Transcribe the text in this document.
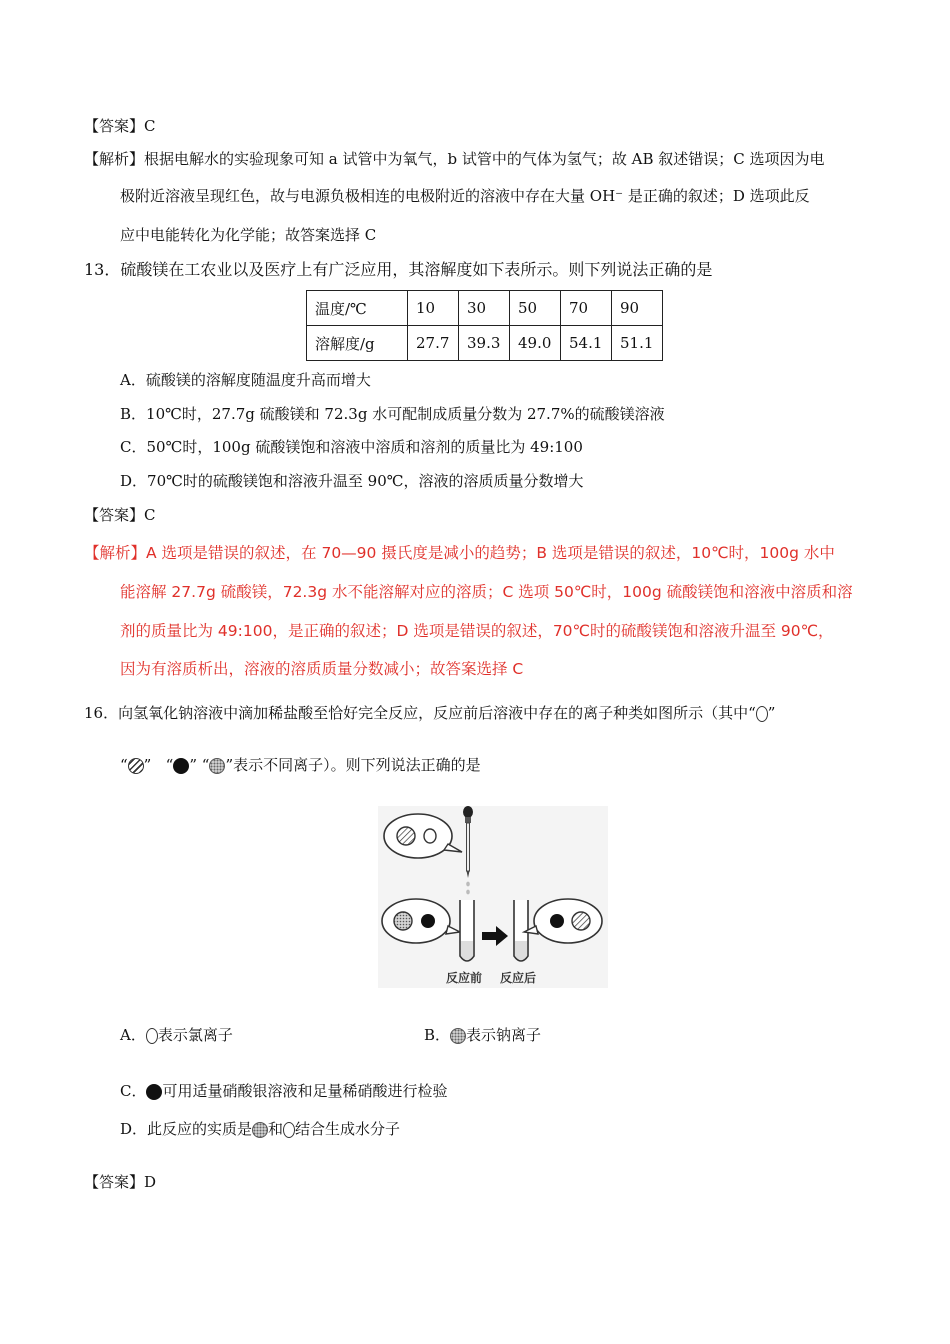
【答案】C
【解析】根据电解水的实验现象可知 a 试管中为氧气，b 试管中的气体为氢气；故 AB 叙述错误；C 选项因为电
极附近溶液呈现红色，故与电源负极相连的电极附近的溶液中存在大量 OH⁻ 是正确的叙述；D 选项此反
应中电能转化为化学能；故答案选择 C
13．硫酸镁在工农业以及医疗上有广泛应用，其溶解度如下表所示。则下列说法正确的是
温度/℃	10	30	50	70	90
溶解度/g	27.7	39.3	49.0	54.1	51.1
A．硫酸镁的溶解度随温度升高而增大
B．10℃时，27.7g 硫酸镁和 72.3g 水可配制成质量分数为 27.7%的硫酸镁溶液
C．50℃时，100g 硫酸镁饱和溶液中溶质和溶剂的质量比为 49:100
D．70℃时的硫酸镁饱和溶液升温至 90℃，溶液的溶质质量分数增大
【答案】C
【解析】A 选项是错误的叙述，在 70—90 摄氏度是减小的趋势；B 选项是错误的叙述，10℃时，100g 水中
能溶解 27.7g 硫酸镁，72.3g 水不能溶解对应的溶质；C 选项 50℃时，100g 硫酸镁饱和溶液中溶质和溶
剂的质量比为 49:100，是正确的叙述；D 选项是错误的叙述，70℃时的硫酸镁饱和溶液升温至 90℃，
因为有溶质析出，溶液的溶质质量分数减小；故答案选择 C
16．向氢氧化钠溶液中滴加稀盐酸至恰好完全反应，反应前后溶液中存在的离子种类如图所示（其中“ ”
“ ” “ ” “ ”表示不同离子）。则下列说法正确的是
反应前 反应后
A． 表示氯离子	B． 表示钠离子
C． 可用适量硝酸银溶液和足量稀硝酸进行检验
D．此反应的实质是 和 结合生成水分子
【答案】D
